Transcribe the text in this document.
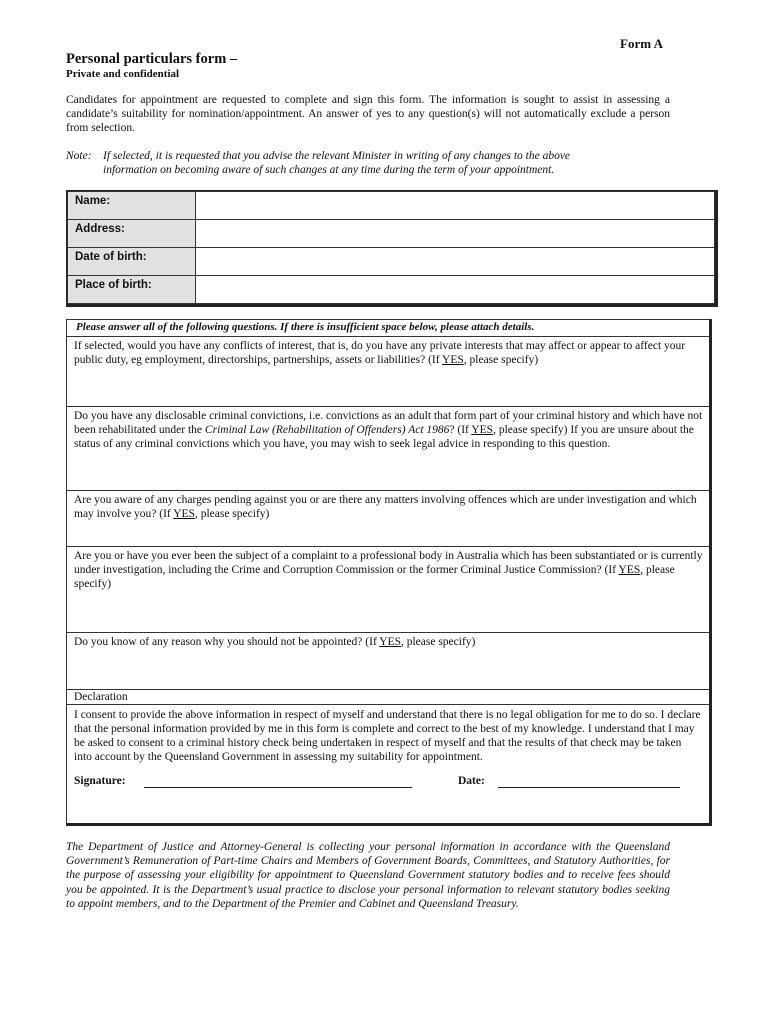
Form A
Personal particulars form –
Private and confidential
Candidates for appointment are requested to complete and sign this form. The information is sought to assist in assessing a candidate’s suitability for nomination/appointment. An answer of yes to any question(s) will not automatically exclude a person from selection.
Note: If selected, it is requested that you advise the relevant Minister in writing of any changes to the above
information on becoming aware of such changes at any time during the term of your appointment.
Name:	
Address:	
Date of birth:	
Place of birth:	
Please answer all of the following questions. If there is insufficient space below, please attach details.
If selected, would you have any conflicts of interest, that is, do you have any private interests that may affect or appear to affect your public duty, eg employment, directorships, partnerships, assets or liabilities? (If YES, please specify)
Do you have any disclosable criminal convictions, i.e. convictions as an adult that form part of your criminal history and which have not been rehabilitated under the Criminal Law (Rehabilitation of Offenders) Act 1986? (If YES, please specify) If you are unsure about the status of any criminal convictions which you have, you may wish to seek legal advice in responding to this question.
Are you aware of any charges pending against you or are there any matters involving offences which are under investigation and which may involve you? (If YES, please specify)
Are you or have you ever been the subject of a complaint to a professional body in Australia which has been substantiated or is currently under investigation, including the Crime and Corruption Commission or the former Criminal Justice Commission? (If YES, please specify)
Do you know of any reason why you should not be appointed? (If YES, please specify)
Declaration
I consent to provide the above information in respect of myself and understand that there is no legal obligation for me to do so. I declare that the personal information provided by me in this form is complete and correct to the best of my knowledge. I understand that I may be asked to consent to a criminal history check being undertaken in respect of myself and that the results of that check may be taken into account by the Queensland Government in assessing my suitability for appointment.
Signature:	Date:
The Department of Justice and Attorney-General is collecting your personal information in accordance with the Queensland Government’s Remuneration of Part-time Chairs and Members of Government Boards, Committees, and Statutory Authorities, for the purpose of assessing your eligibility for appointment to Queensland Government statutory bodies and to receive fees should you be appointed. It is the Department’s usual practice to disclose your personal information to relevant statutory bodies seeking to appoint members, and to the Department of the Premier and Cabinet and Queensland Treasury.
